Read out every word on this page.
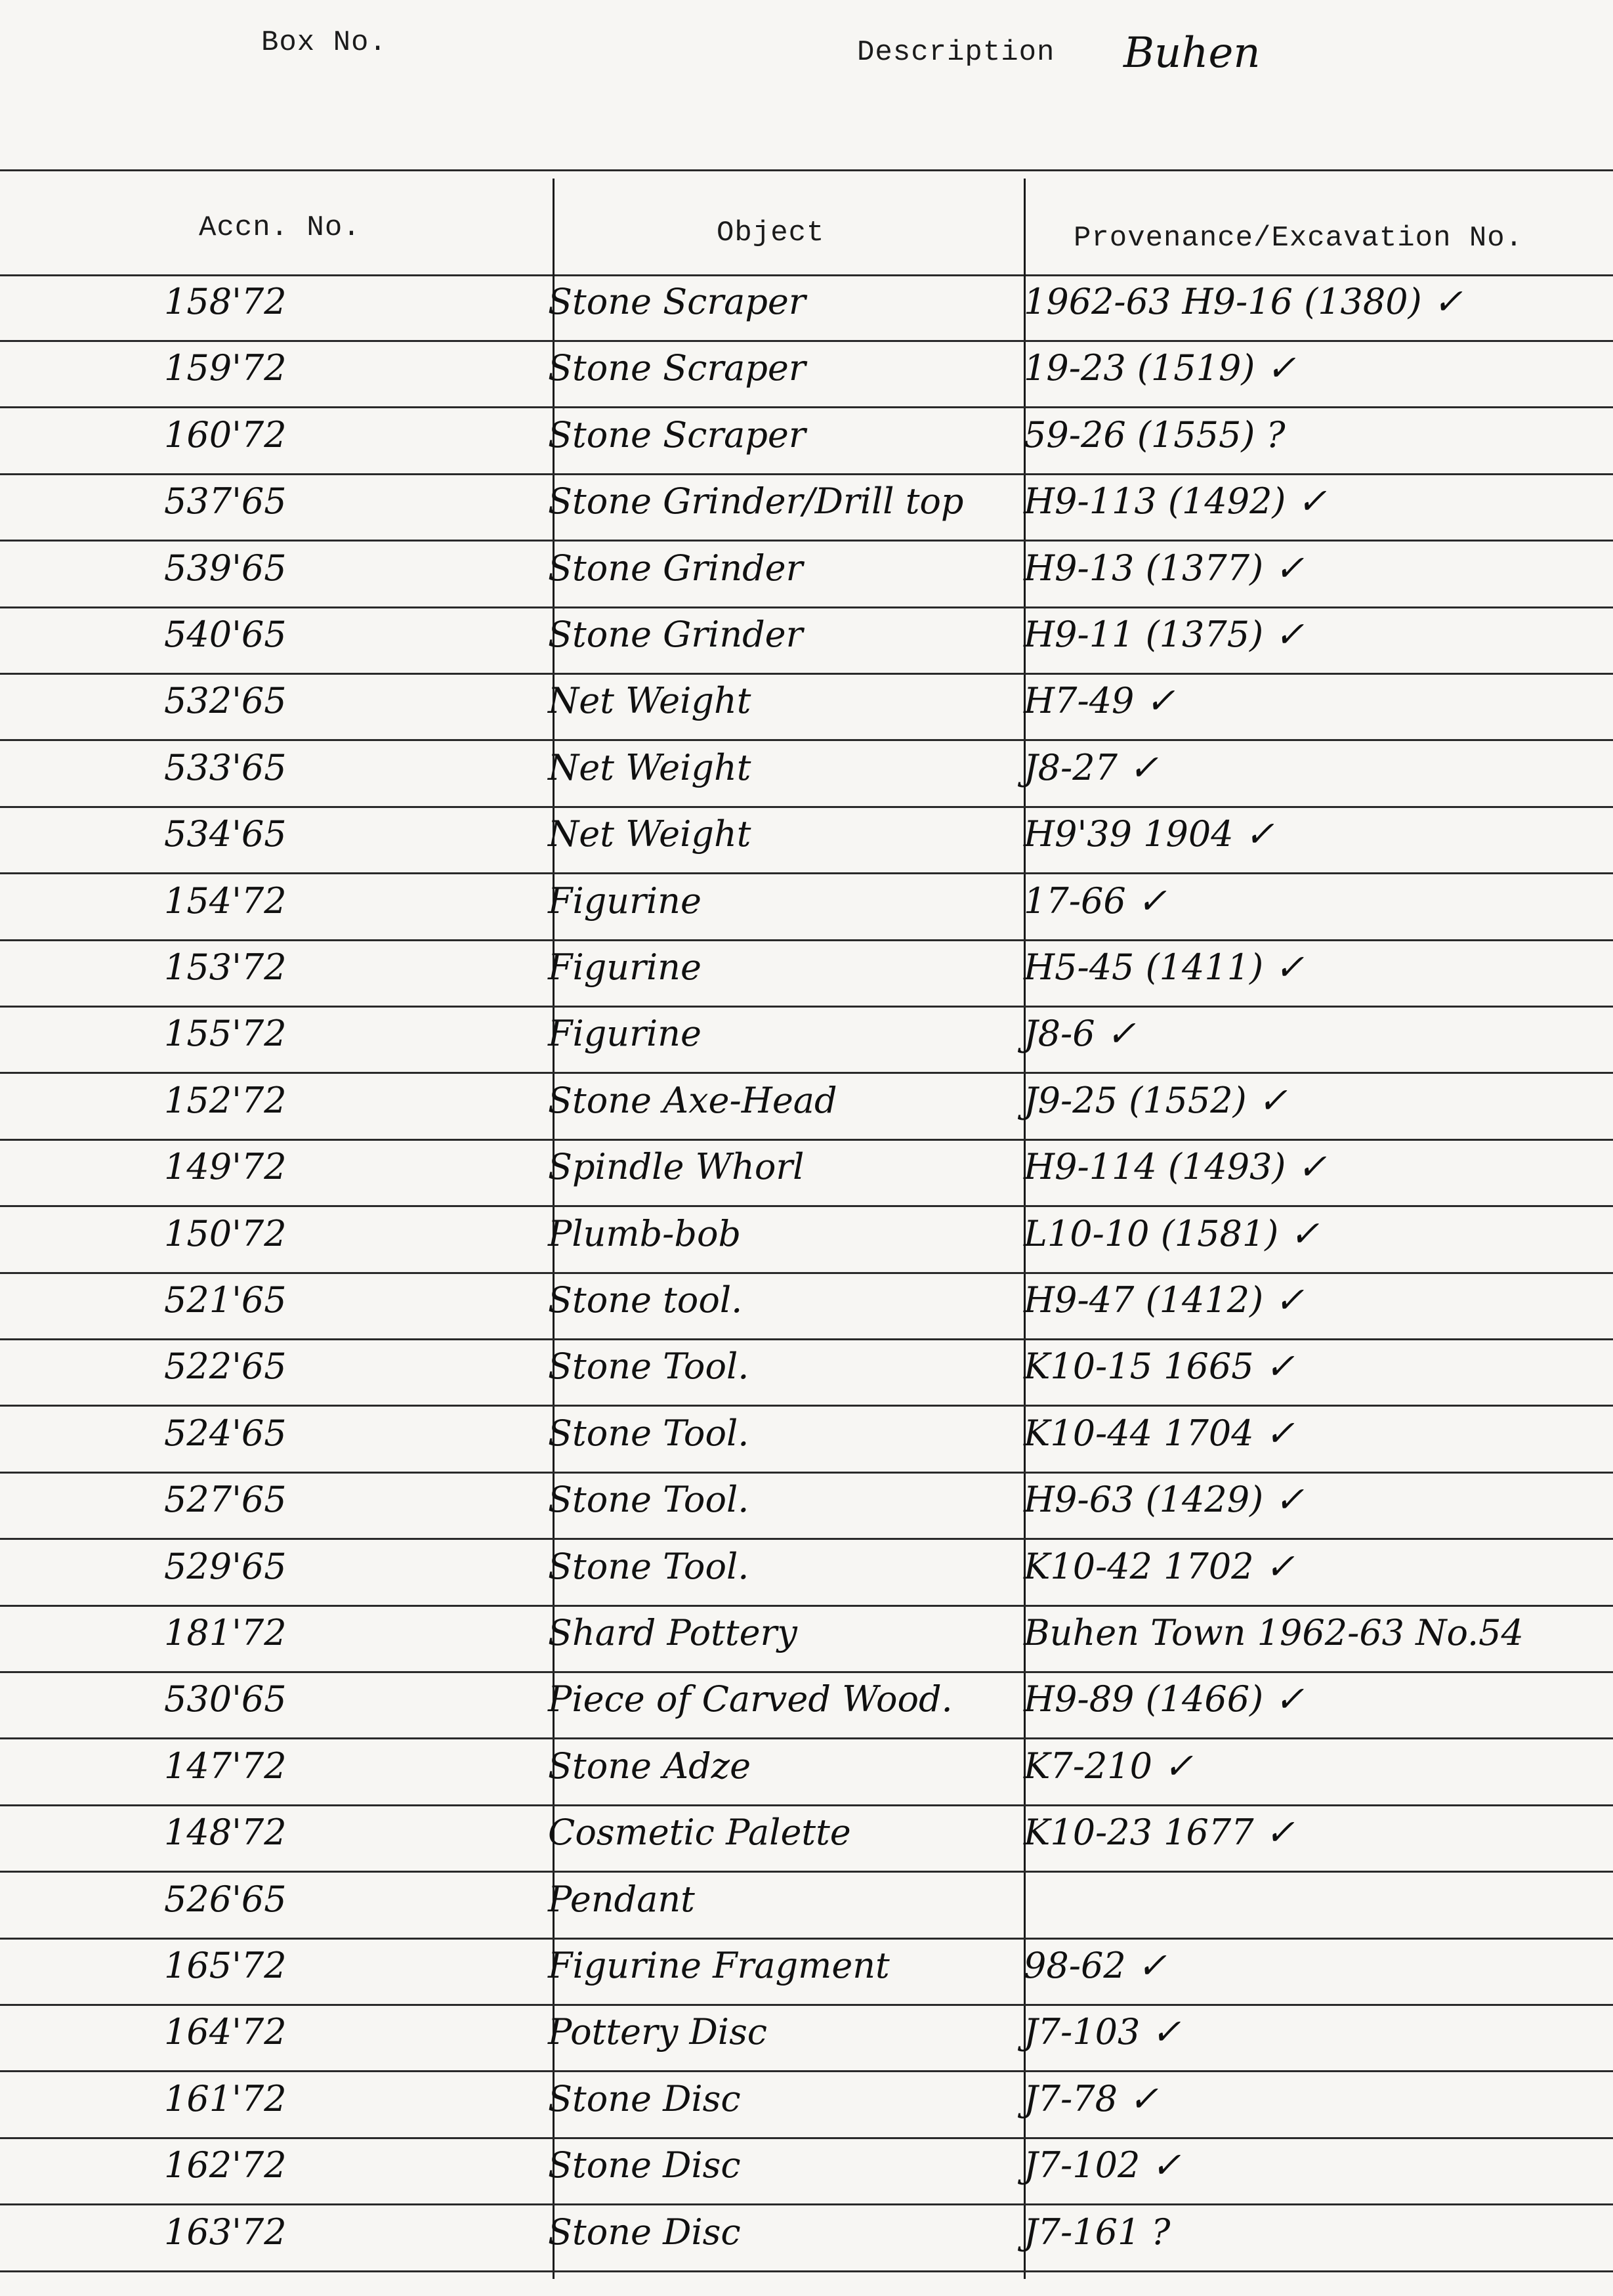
Box No.	Description Buhen
Accn. No.	Object	Provenance/Excavation No.
158'72	Stone Scraper	1962-63 H9-16 (1380) ✓
159'72	Stone Scraper	19-23 (1519) ✓
160'72	Stone Scraper	59-26 (1555) ?
537'65	Stone Grinder/Drill top	H9-113 (1492) ✓
539'65	Stone Grinder	H9-13 (1377) ✓
540'65	Stone Grinder	H9-11 (1375) ✓
532'65	Net Weight	H7-49 ✓
533'65	Net Weight	J8-27 ✓
534'65	Net Weight	H9'39 1904 ✓
154'72	Figurine	17-66 ✓
153'72	Figurine	H5-45 (1411) ✓
155'72	Figurine	J8-6 ✓
152'72	Stone Axe-Head	J9-25 (1552) ✓
149'72	Spindle Whorl	H9-114 (1493) ✓
150'72	Plumb-bob	L10-10 (1581) ✓
521'65	Stone tool.	H9-47 (1412) ✓
522'65	Stone Tool.	K10-15 1665 ✓
524'65	Stone Tool.	K10-44 1704 ✓
527'65	Stone Tool.	H9-63 (1429) ✓
529'65	Stone Tool.	K10-42 1702 ✓
181'72	Shard Pottery	Buhen Town 1962-63 No.54
530'65	Piece of Carved Wood.	H9-89 (1466) ✓
147'72	Stone Adze	K7-210 ✓
148'72	Cosmetic Palette	K10-23 1677 ✓
526'65	Pendant
165'72	Figurine Fragment	98-62 ✓
164'72	Pottery Disc	J7-103 ✓
161'72	Stone Disc	J7-78 ✓
162'72	Stone Disc	J7-102 ✓
163'72	Stone Disc	J7-161 ?
